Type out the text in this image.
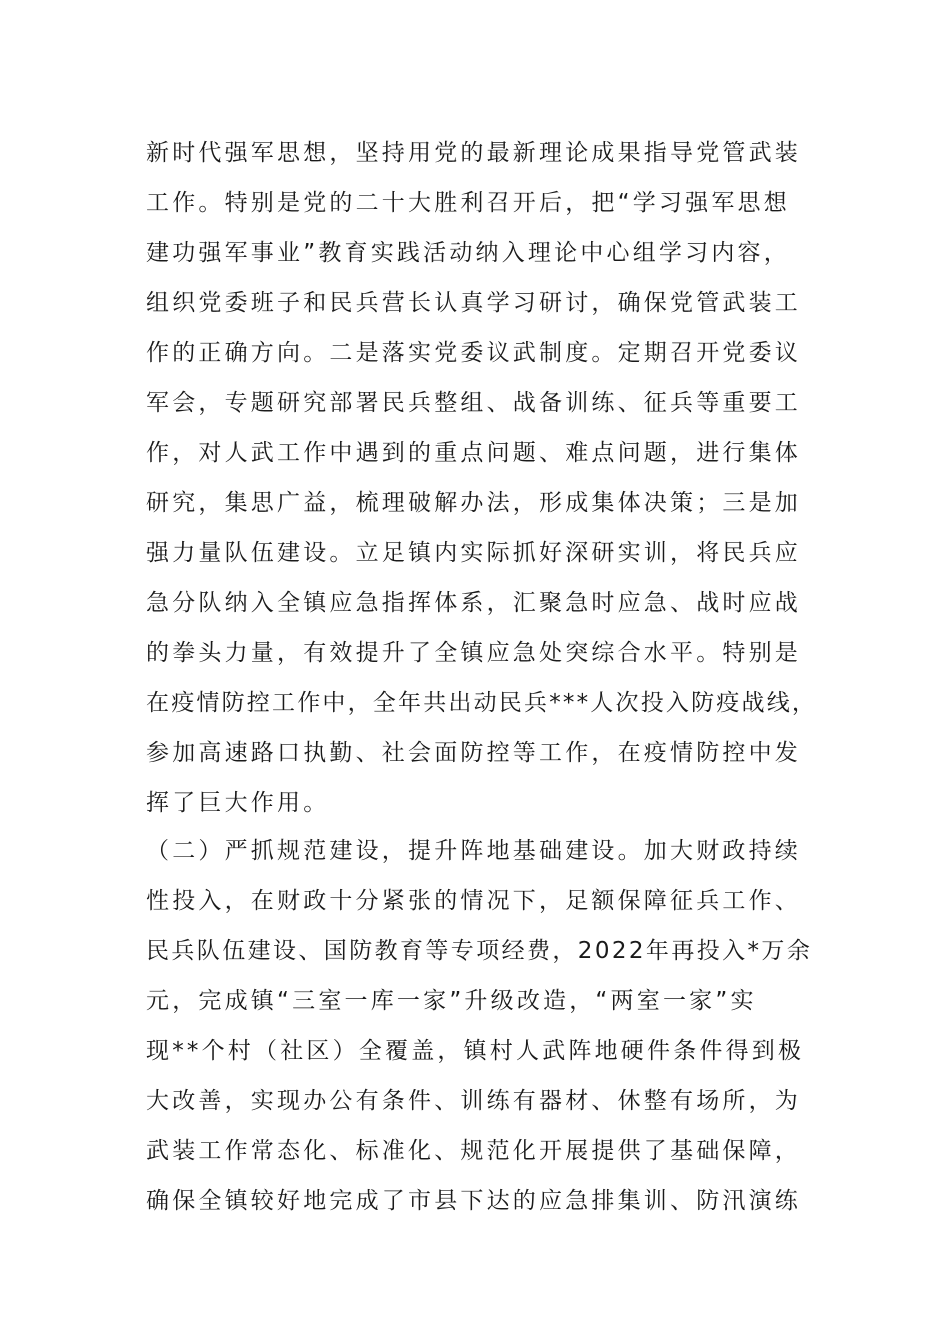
新时代强军思想，坚持用党的最新理论成果指导党管武装
工作。特别是党的二十大胜利召开后，把“学习强军思想
建功强军事业”教育实践活动纳入理论中心组学习内容，
组织党委班子和民兵营长认真学习研讨，确保党管武装工
作的正确方向。二是落实党委议武制度。定期召开党委议
军会，专题研究部署民兵整组、战备训练、征兵等重要工
作，对人武工作中遇到的重点问题、难点问题，进行集体
研究，集思广益，梳理破解办法，形成集体决策；三是加
强力量队伍建设。立足镇内实际抓好深研实训，将民兵应
急分队纳入全镇应急指挥体系，汇聚急时应急、战时应战
的拳头力量，有效提升了全镇应急处突综合水平。特别是
在疫情防控工作中，全年共出动民兵***人次投入防疫战线，
参加高速路口执勤、社会面防控等工作，在疫情防控中发
挥了巨大作用。
（二）严抓规范建设，提升阵地基础建设。加大财政持续
性投入，在财政十分紧张的情况下，足额保障征兵工作、
民兵队伍建设、国防教育等专项经费，2022年再投入*万余
元，完成镇“三室一库一家”升级改造，“两室一家”实
现**个村（社区）全覆盖，镇村人武阵地硬件条件得到极
大改善，实现办公有条件、训练有器材、休整有场所，为
武装工作常态化、标准化、规范化开展提供了基础保障，
确保全镇较好地完成了市县下达的应急排集训、防汛演练
